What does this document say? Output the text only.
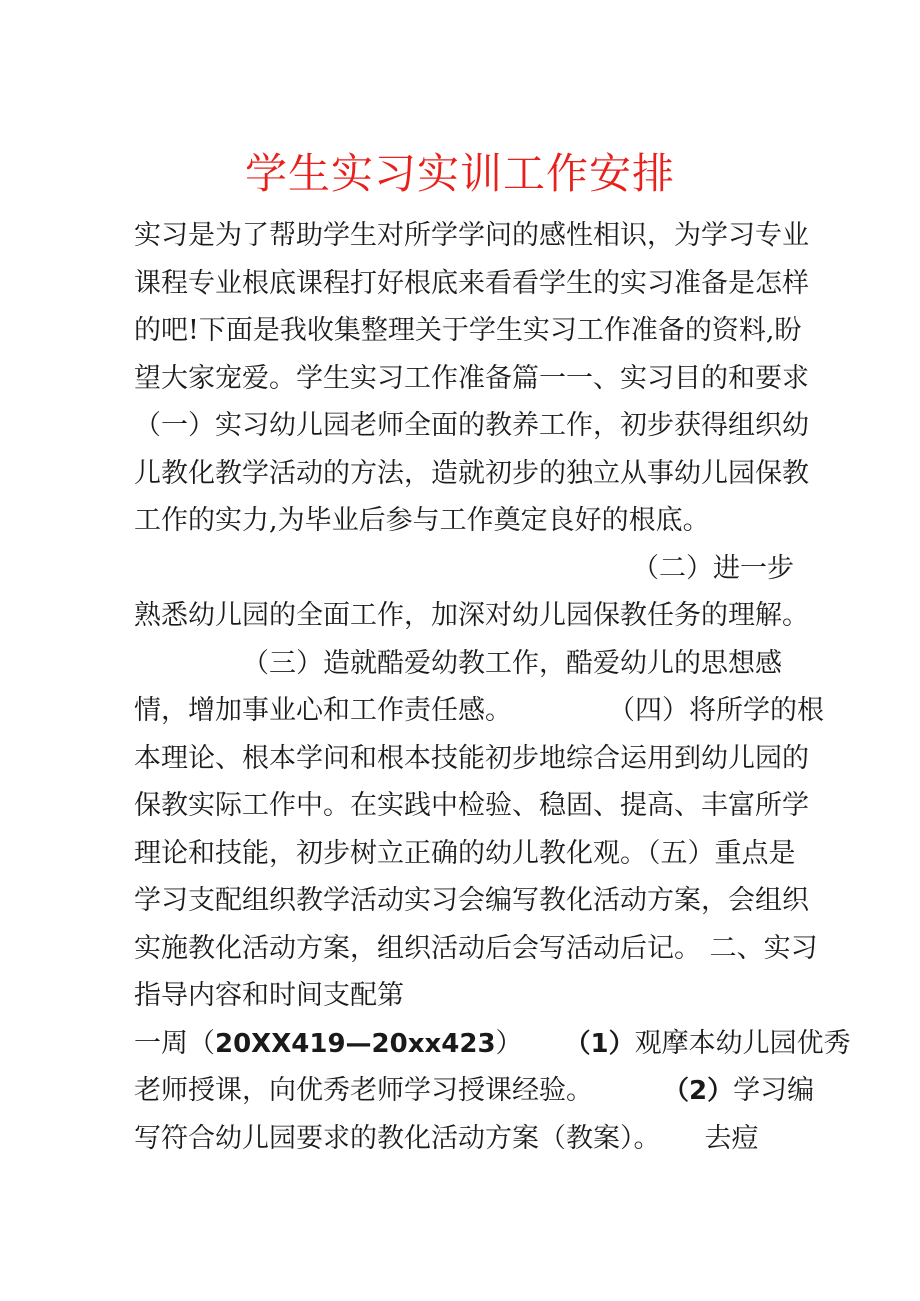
学生实习实训工作安排
实习是为了帮助学生对所学学问的感性相识，为学习专业
课程专业根底课程打好根底来看看学生的实习准备是怎样
的吧!下面是我收集整理关于学生实习工作准备的资料,盼
望大家宠爱。学生实习工作准备篇一一、实习目的和要求
（一）实习幼儿园老师全面的教养工作，初步获得组织幼
儿教化教学活动的方法，造就初步的独立从事幼儿园保教
工作的实力,为毕业后参与工作奠定良好的根底。
（二）进一步
熟悉幼儿园的全面工作，加深对幼儿园保教任务的理解。
（三）造就酷爱幼教工作，酷爱幼儿的思想感
情，增加事业心和工作责任感。	（四）将所学的根
本理论、根本学问和根本技能初步地综合运用到幼儿园的
保教实际工作中。在实践中检验、稳固、提高、丰富所学
理论和技能，初步树立正确的幼儿教化观。（五）重点是
学习支配组织教学活动实习会编写教化活动方案，会组织
实施教化活动方案，组织活动后会写活动后记。 二、实习
指导内容和时间支配第
一周（20XX419—20xx423） （1）观摩本幼儿园优秀
老师授课，向优秀老师学习授课经验。	（2）学习编
写符合幼儿园要求的教化活动方案（教案）。 去痘
